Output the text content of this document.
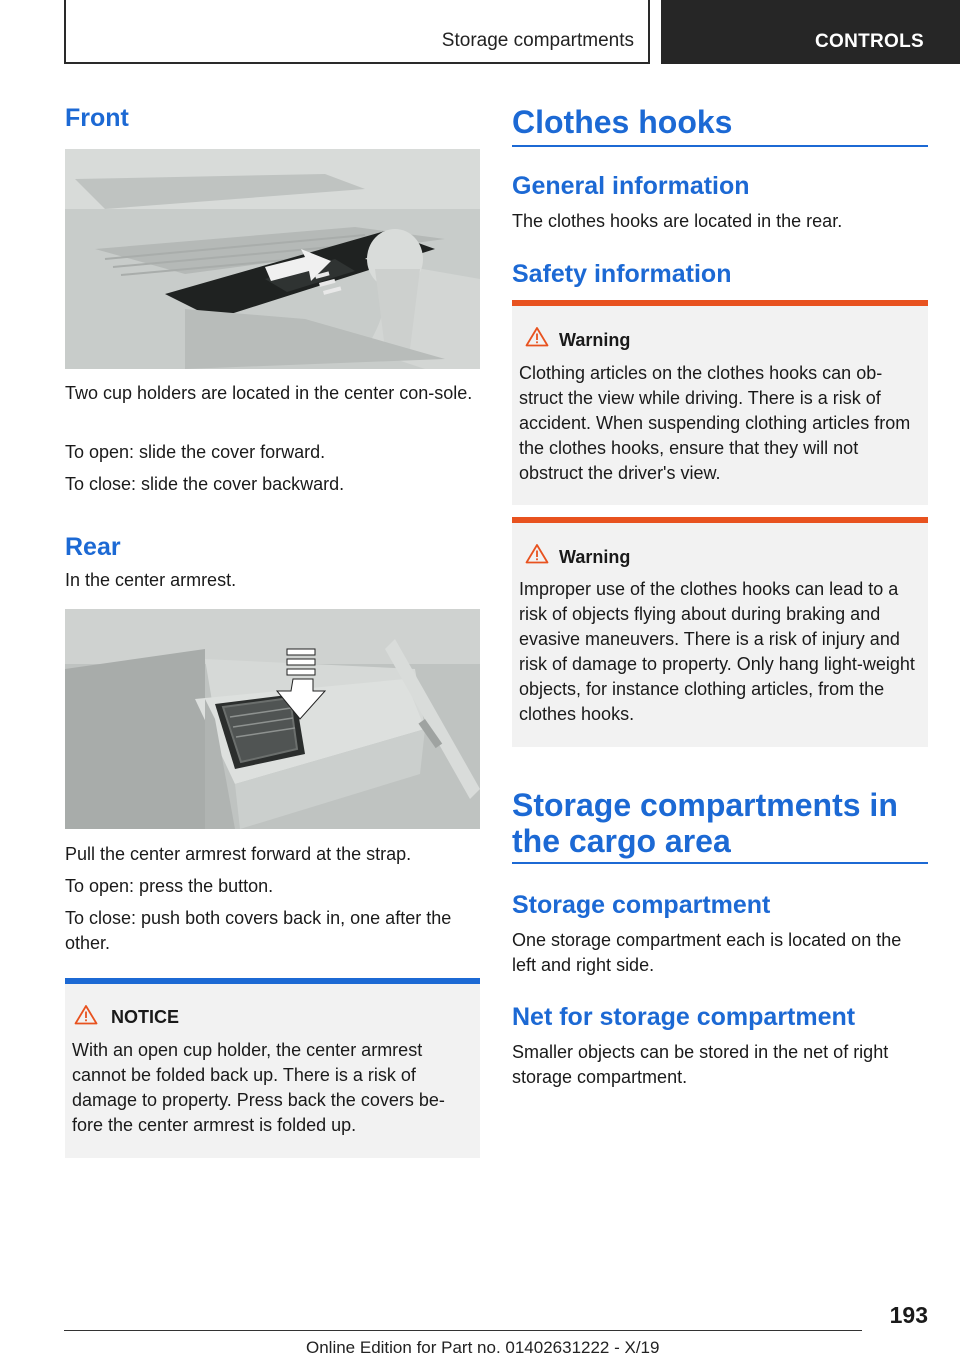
Storage compartments	CONTROLS
Front

Two cup holders are located in the center con-sole.

To open: slide the cover forward.

To close: slide the cover backward.

Rear

In the center armrest.

Pull the center armrest forward at the strap.

To open: press the button.

To close: push both covers back in, one after the other.

NOTICE
With an open cup holder, the center armrest cannot be folded back up. There is a risk of damage to property. Press back the covers be-fore the center armrest is folded up.
Clothes hooks
General information

The clothes hooks are located in the rear.

Safety information
Warning
Clothing articles on the clothes hooks can ob-struct the view while driving. There is a risk of accident. When suspending clothing articles from the clothes hooks, ensure that they will not obstruct the driver's view.
Warning
Improper use of the clothes hooks can lead to a risk of objects flying about during braking and evasive maneuvers. There is a risk of injury and risk of damage to property. Only hang light-weight objects, for instance clothing articles, from the clothes hooks.
Storage compartments in
the cargo area
Storage compartment

One storage compartment each is located on the left and right side.

Net for storage compartment

Smaller objects can be stored in the net of right storage compartment.

193
Online Edition for Part no. 01402631222 - X/19
